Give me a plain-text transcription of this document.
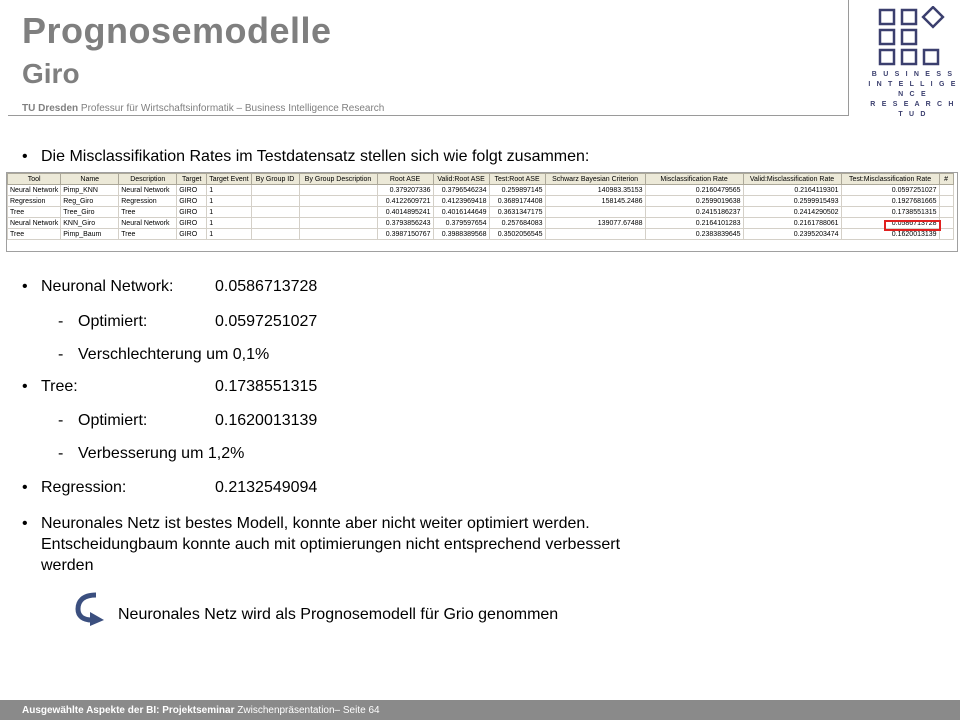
Prognosemodelle
Giro
TU Dresden Professur für Wirtschaftsinformatik – Business Intelligence Research
B U S I N E S S
I N T E L L I G E N C E
R E S E A R C H T U D
• Die Misclassifikation Rates im Testdatensatz stellen sich wie folgt zusammen:
Tool	Name	Description	Target	Target Event	By Group ID	By Group Description	Root ASE	Valid:Root ASE	Test:Root ASE	Schwarz Bayesian Criterion	Misclassification Rate	Valid:Misclassification Rate	Test:Misclassification Rate	#
Neural Network	Pimp_KNN	Neural Network	GIRO	1			0.379207336	0.3796546234	0.259897145	140983.35153	0.2160479565	0.2164119301	0.0597251027	
Regression	Reg_Giro	Regression	GIRO	1			0.4122609721	0.4123969418	0.3689174408	158145.2486	0.2599019638	0.2599915493	0.1927681665	
Tree	Tree_Giro	Tree	GIRO	1			0.4014895241	0.4016144649	0.3631347175		0.2415186237	0.2414290502	0.1738551315	
Neural Network	KNN_Giro	Neural Network	GIRO	1			0.3793856243	0.379597654	0.257684083	139077.67488	0.2164101283	0.2161788061	0.0586713728	
Tree	Pimp_Baum	Tree	GIRO	1			0.3987150767	0.3988389568	0.3502056545		0.2383839645	0.2395203474	0.1620013139	
• Neuronal Network:	0.0586713728
- Optimiert:	0.0597251027
- Verschlechterung um 0,1%
• Tree:	0.1738551315
- Optimiert:	0.1620013139
- Verbesserung um 1,2%
• Regression:	0.2132549094
• Neuronales Netz ist bestes Modell, konnte aber nicht weiter optimiert werden.
Entscheidungbaum konnte auch mit optimierungen nicht entsprechend verbessert
werden
Neuronales Netz wird als Prognosemodell für Grio genommen
Ausgewählte Aspekte der BI: Projektseminar Zwischenpräsentation– Seite 64
